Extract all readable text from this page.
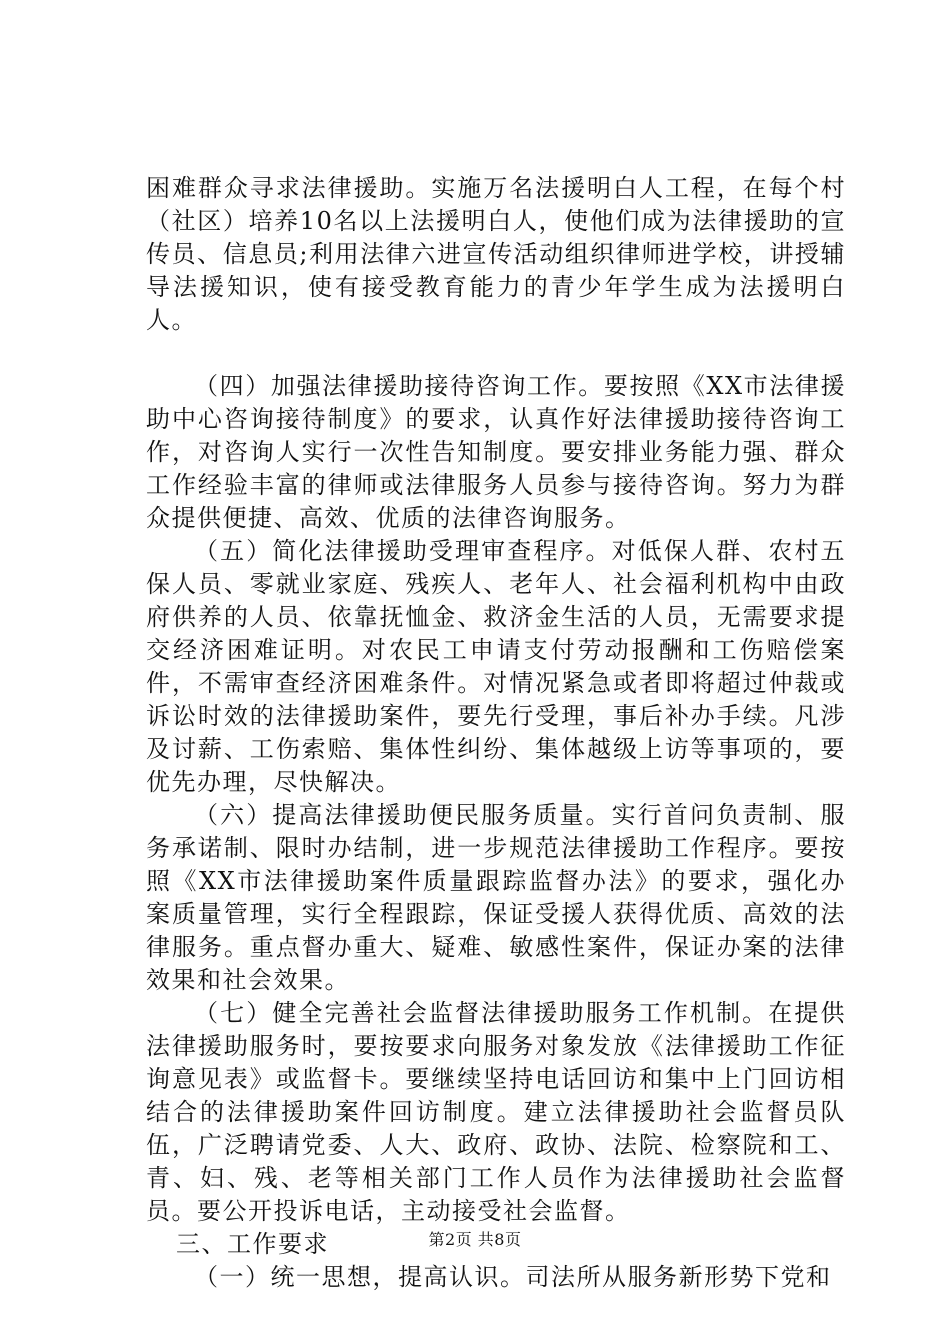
困难群众寻求法律援助。实施万名法援明白人工程，在每个村（社区）培养10名以上法援明白人，使他们成为法律援助的宣传员、信息员;利用法律六进宣传活动组织律师进学校，讲授辅导法援知识，使有接受教育能力的青少年学生成为法援明白人。

（四）加强法律援助接待咨询工作。要按照《XX市法律援助中心咨询接待制度》的要求，认真作好法律援助接待咨询工作，对咨询人实行一次性告知制度。要安排业务能力强、群众工作经验丰富的律师或法律服务人员参与接待咨询。努力为群众提供便捷、高效、优质的法律咨询服务。

（五）简化法律援助受理审查程序。对低保人群、农村五保人员、零就业家庭、残疾人、老年人、社会福利机构中由政府供养的人员、依靠抚恤金、救济金生活的人员，无需要求提交经济困难证明。对农民工申请支付劳动报酬和工伤赔偿案件，不需审查经济困难条件。对情况紧急或者即将超过仲裁或诉讼时效的法律援助案件，要先行受理，事后补办手续。凡涉及讨薪、工伤索赔、集体性纠纷、集体越级上访等事项的，要优先办理，尽快解决。

（六）提高法律援助便民服务质量。实行首问负责制、服务承诺制、限时办结制，进一步规范法律援助工作程序。要按照《XX市法律援助案件质量跟踪监督办法》的要求，强化办案质量管理，实行全程跟踪，保证受援人获得优质、高效的法律服务。重点督办重大、疑难、敏感性案件，保证办案的法律效果和社会效果。

（七）健全完善社会监督法律援助服务工作机制。在提供法律援助服务时，要按要求向服务对象发放《法律援助工作征询意见表》或监督卡。要继续坚持电话回访和集中上门回访相结合的法律援助案件回访制度。建立法律援助社会监督员队伍，广泛聘请党委、人大、政府、政协、法院、检察院和工、青、妇、残、老等相关部门工作人员作为法律援助社会监督员。要公开投诉电话，主动接受社会监督。

三、工作要求

（一）统一思想，提高认识。司法所从服务新形势下党和

第2页 共8页
